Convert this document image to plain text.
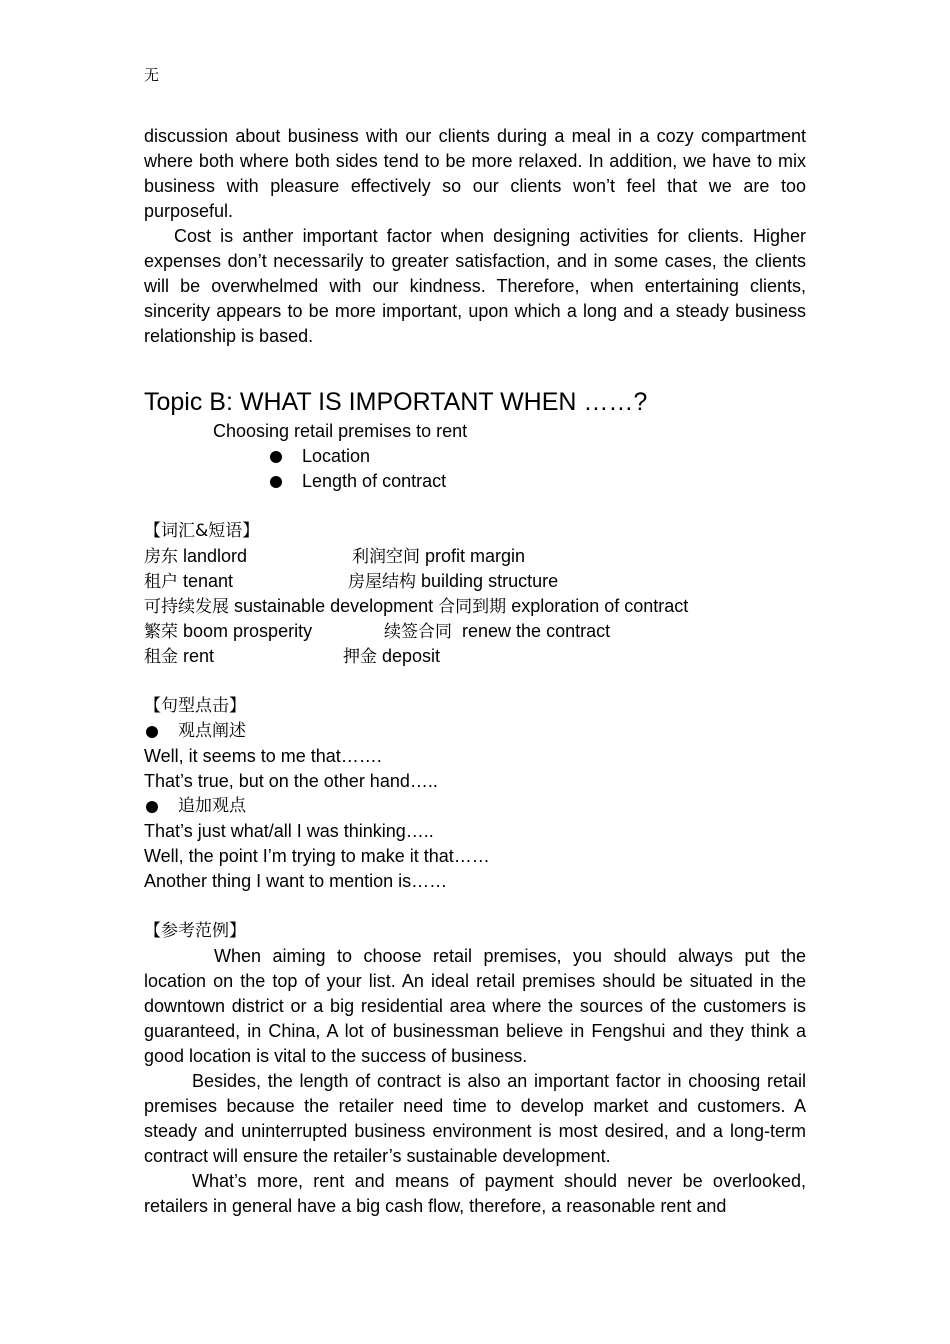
无

discussion about business with our clients during a meal in a cozy compartment where both where both sides tend to be more relaxed. In addition, we have to mix business with pleasure effectively so our clients won’t feel that we are too purposeful.

Cost is anther important factor when designing activities for clients. Higher expenses don’t necessarily to greater satisfaction, and in some cases, the clients will be overwhelmed with our kindness. Therefore, when entertaining clients, sincerity appears to be more important, upon which a long and a steady business relationship is based.

Topic B: WHAT IS IMPORTANT WHEN ……?

Choosing retail premises to rent

Location
Length of contract

【词汇&短语】

房东 landlord	利润空间 profit margin
租户 tenant	房屋结构 building structure
可持续发展 sustainable development 合同到期 exploration of contract
繁荣 boom prosperity	续签合同 renew the contract
租金 rent	押金 deposit

【句型点击】

观点阐述

Well, it seems to me that…….

That’s true, but on the other hand…..

追加观点

That’s just what/all I was thinking…..

Well, the point I’m trying to make it that……

Another thing I want to mention is……

【参考范例】

When aiming to choose retail premises, you should always put the location on the top of your list. An ideal retail premises should be situated in the downtown district or a big residential area where the sources of the customers is guaranteed, in China, A lot of businessman believe in Fengshui and they think a good location is vital to the success of business.

Besides, the length of contract is also an important factor in choosing retail premises because the retailer need time to develop market and customers. A steady and uninterrupted business environment is most desired, and a long-term contract will ensure the retailer’s sustainable development.

What’s more, rent and means of payment should never be overlooked, retailers in general have a big cash flow, therefore, a reasonable rent and
